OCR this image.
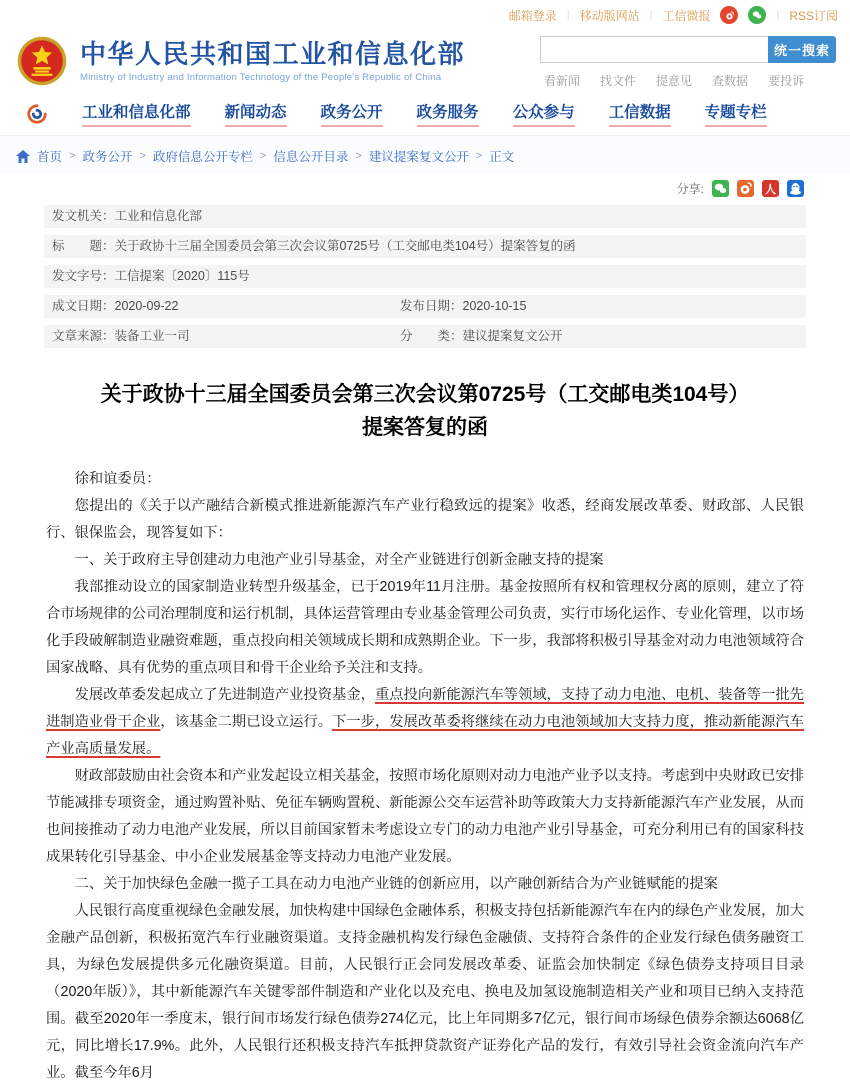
邮箱登录 | 移动版网站 | 工信微报	| RSS订阅
中华人民共和国工业和信息化部
Ministry of Industry and Information Technology of the People's Republic of China
统一搜索
看新闻 找文件 提意见 查数据 要投诉
工业和信息化部 新闻动态 政务公开 政务服务 公众参与 工信数据 专题专栏
首页 > 政务公开 > 政府信息公开专栏 > 信息公开目录 > 建议提案复文公开 > 正文
分享:	人
发文机关： 工业和信息化部
标　　题： 关于政协十三届全国委员会第三次会议第0725号（工交邮电类104号）提案答复的函
发文字号： 工信提案〔2020〕115号
成文日期： 2020-09-22	发布日期： 2020-10-15
文章来源： 装备工业一司	分　　类： 建议提案复文公开
关于政协十三届全国委员会第三次会议第0725号（工交邮电类104号）提案答复的函

徐和谊委员：

您提出的《关于以产融结合新模式推进新能源汽车产业行稳致远的提案》收悉，经商发展改革委、财政部、人民银行、银保监会，现答复如下：

一、关于政府主导创建动力电池产业引导基金，对全产业链进行创新金融支持的提案

我部推动设立的国家制造业转型升级基金，已于2019年11月注册。基金按照所有权和管理权分离的原则，建立了符合市场规律的公司治理制度和运行机制，具体运营管理由专业基金管理公司负责，实行市场化运作、专业化管理，以市场化手段破解制造业融资难题，重点投向相关领域成长期和成熟期企业。下一步，我部将积极引导基金对动力电池领域符合国家战略、具有优势的重点项目和骨干企业给予关注和支持。

发展改革委发起成立了先进制造产业投资基金，重点投向新能源汽车等领域，支持了动力电池、电机、装备等一批先进制造业骨干企业，该基金二期已设立运行。下一步，发展改革委将继续在动力电池领域加大支持力度，推动新能源汽车产业高质量发展。

财政部鼓励由社会资本和产业发起设立相关基金，按照市场化原则对动力电池产业予以支持。考虑到中央财政已安排节能减排专项资金，通过购置补贴、免征车辆购置税、新能源公交车运营补助等政策大力支持新能源汽车产业发展，从而也间接推动了动力电池产业发展，所以目前国家暂未考虑设立专门的动力电池产业引导基金，可充分利用已有的国家科技成果转化引导基金、中小企业发展基金等支持动力电池产业发展。

二、关于加快绿色金融一揽子工具在动力电池产业链的创新应用，以产融创新结合为产业链赋能的提案

人民银行高度重视绿色金融发展，加快构建中国绿色金融体系，积极支持包括新能源汽车在内的绿色产业发展，加大金融产品创新，积极拓宽汽车行业融资渠道。支持金融机构发行绿色金融债、支持符合条件的企业发行绿色债务融资工具，为绿色发展提供多元化融资渠道。目前，人民银行正会同发展改革委、证监会加快制定《绿色债券支持项目目录（2020年版）》，其中新能源汽车关键零部件制造和产业化以及充电、换电及加氢设施制造相关产业和项目已纳入支持范围。截至2020年一季度末，银行间市场发行绿色债券274亿元，比上年同期多7亿元，银行间市场绿色债券余额达6068亿元，同比增长17.9%。此外，人民银行还积极支持汽车抵押贷款资产证券化产品的发行，有效引导社会资金流向汽车产业。截至今年6月
